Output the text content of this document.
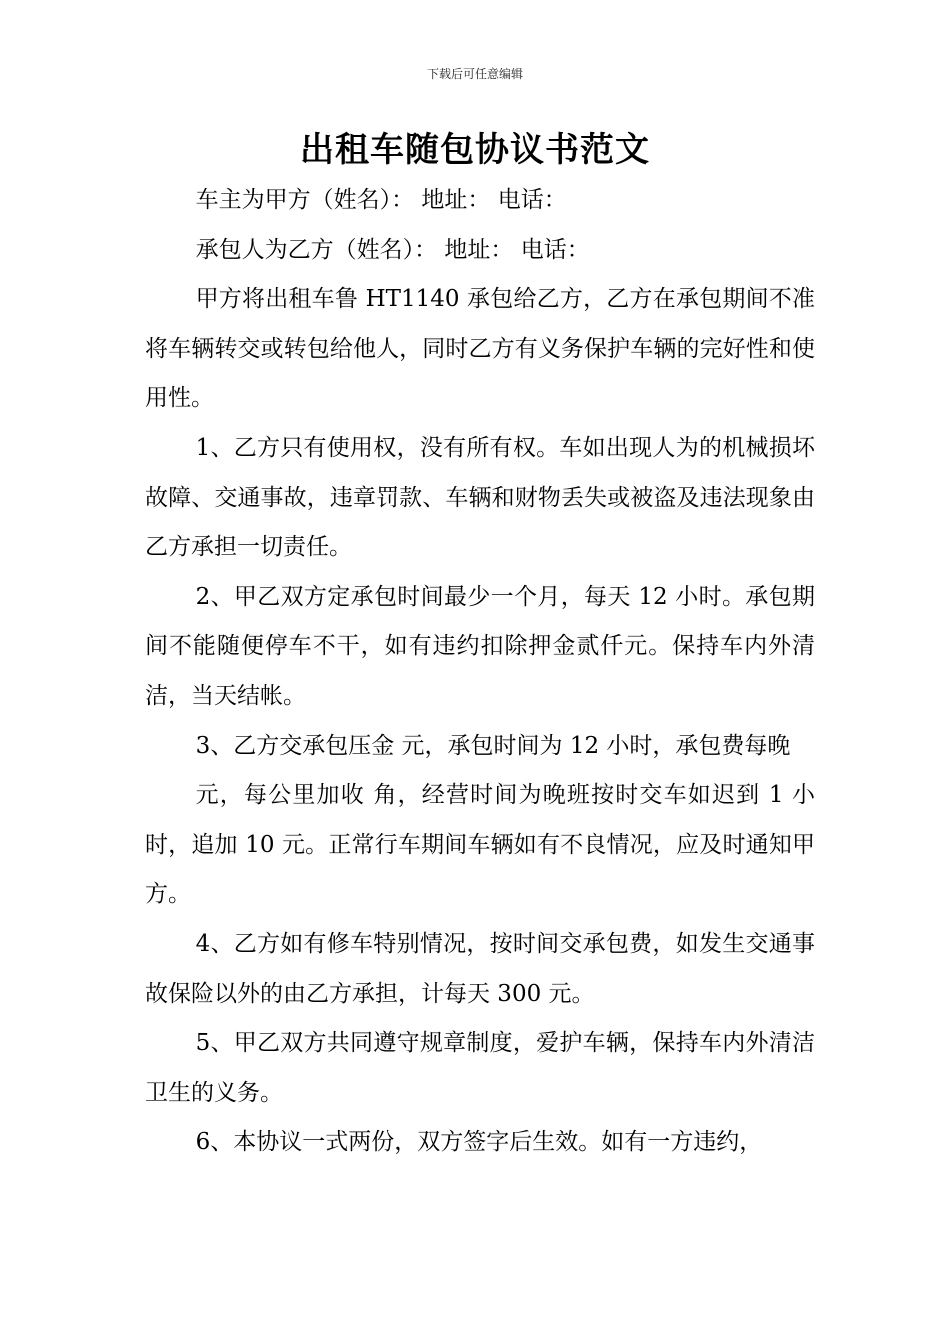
下载后可任意编辑
出租车随包协议书范文

车主为甲方（姓名）： 地址： 电话：

承包人为乙方（姓名）： 地址： 电话：

甲方将出租车鲁 HT1140 承包给乙方，乙方在承包期间不准将车辆转交或转包给他人，同时乙方有义务保护车辆的完好性和使用性。

1、乙方只有使用权，没有所有权。车如出现人为的机械损坏故障、交通事故，违章罚款、车辆和财物丢失或被盗及违法现象由乙方承担一切责任。

2、甲乙双方定承包时间最少一个月，每天 12 小时。承包期间不能随便停车不干，如有违约扣除押金贰仟元。保持车内外清洁，当天结帐。

3、乙方交承包压金 元，承包时间为 12 小时，承包费每晚

元，每公里加收 角，经营时间为晚班按时交车如迟到 1 小时，追加 10 元。正常行车期间车辆如有不良情况，应及时通知甲方。

4、乙方如有修车特别情况，按时间交承包费，如发生交通事故保险以外的由乙方承担，计每天 300 元。

5、甲乙双方共同遵守规章制度，爱护车辆，保持车内外清洁卫生的义务。

6、本协议一式两份，双方签字后生效。如有一方违约，
